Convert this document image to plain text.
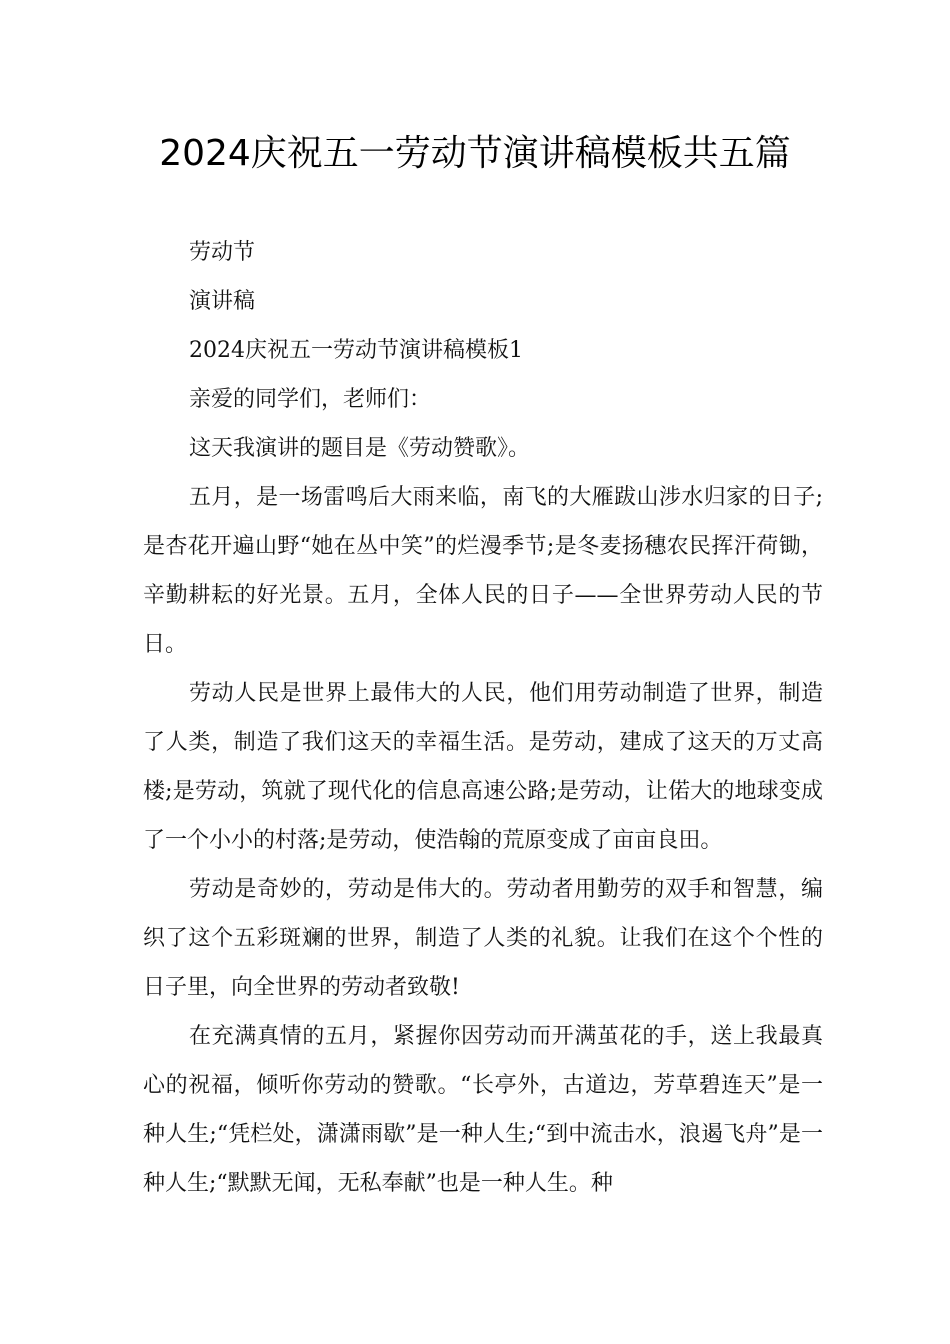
2024庆祝五一劳动节演讲稿模板共五篇

劳动节

演讲稿

2024庆祝五一劳动节演讲稿模板1

亲爱的同学们，老师们：

这天我演讲的题目是《劳动赞歌》。

五月，是一场雷鸣后大雨来临，南飞的大雁跋山涉水归家的日子;是杏花开遍山野“她在丛中笑”的烂漫季节;是冬麦扬穗农民挥汗荷锄，辛勤耕耘的好光景。五月，全体人民的日子——全世界劳动人民的节日。

劳动人民是世界上最伟大的人民，他们用劳动制造了世界，制造了人类，制造了我们这天的幸福生活。是劳动，建成了这天的万丈高楼;是劳动，筑就了现代化的信息高速公路;是劳动，让偌大的地球变成了一个小小的村落;是劳动，使浩翰的荒原变成了亩亩良田。

劳动是奇妙的，劳动是伟大的。劳动者用勤劳的双手和智慧，编织了这个五彩斑斓的世界，制造了人类的礼貌。让我们在这个个性的日子里，向全世界的劳动者致敬!

在充满真情的五月，紧握你因劳动而开满茧花的手，送上我最真心的祝福，倾听你劳动的赞歌。“长亭外，古道边，芳草碧连天”是一种人生;“凭栏处，潇潇雨歇”是一种人生;“到中流击水，浪遏飞舟”是一种人生;“默默无闻，无私奉献”也是一种人生。种
